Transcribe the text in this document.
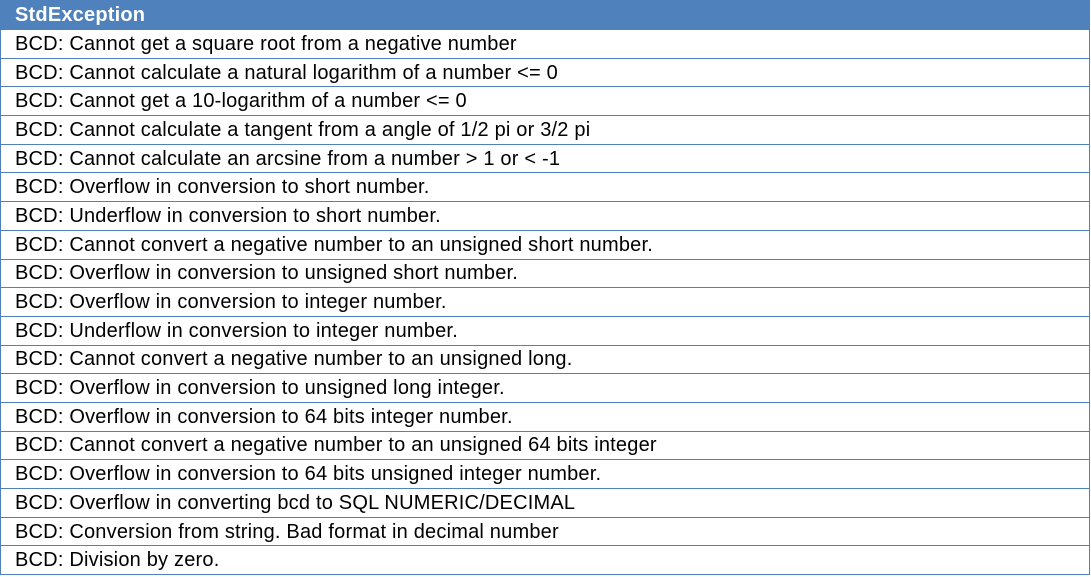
StdException
BCD: Cannot get a square root from a negative number
BCD: Cannot calculate a natural logarithm of a number <= 0
BCD: Cannot get a 10-logarithm of a number <= 0
BCD: Cannot calculate a tangent from a angle of 1/2 pi or 3/2 pi
BCD: Cannot calculate an arcsine from a number > 1 or < -1
BCD: Overflow in conversion to short number.
BCD: Underflow in conversion to short number.
BCD: Cannot convert a negative number to an unsigned short number.
BCD: Overflow in conversion to unsigned short number.
BCD: Overflow in conversion to integer number.
BCD: Underflow in conversion to integer number.
BCD: Cannot convert a negative number to an unsigned long.
BCD: Overflow in conversion to unsigned long integer.
BCD: Overflow in conversion to 64 bits integer number.
BCD: Cannot convert a negative number to an unsigned 64 bits integer
BCD: Overflow in conversion to 64 bits unsigned integer number.
BCD: Overflow in converting bcd to SQL NUMERIC/DECIMAL
BCD: Conversion from string. Bad format in decimal number
BCD: Division by zero.
